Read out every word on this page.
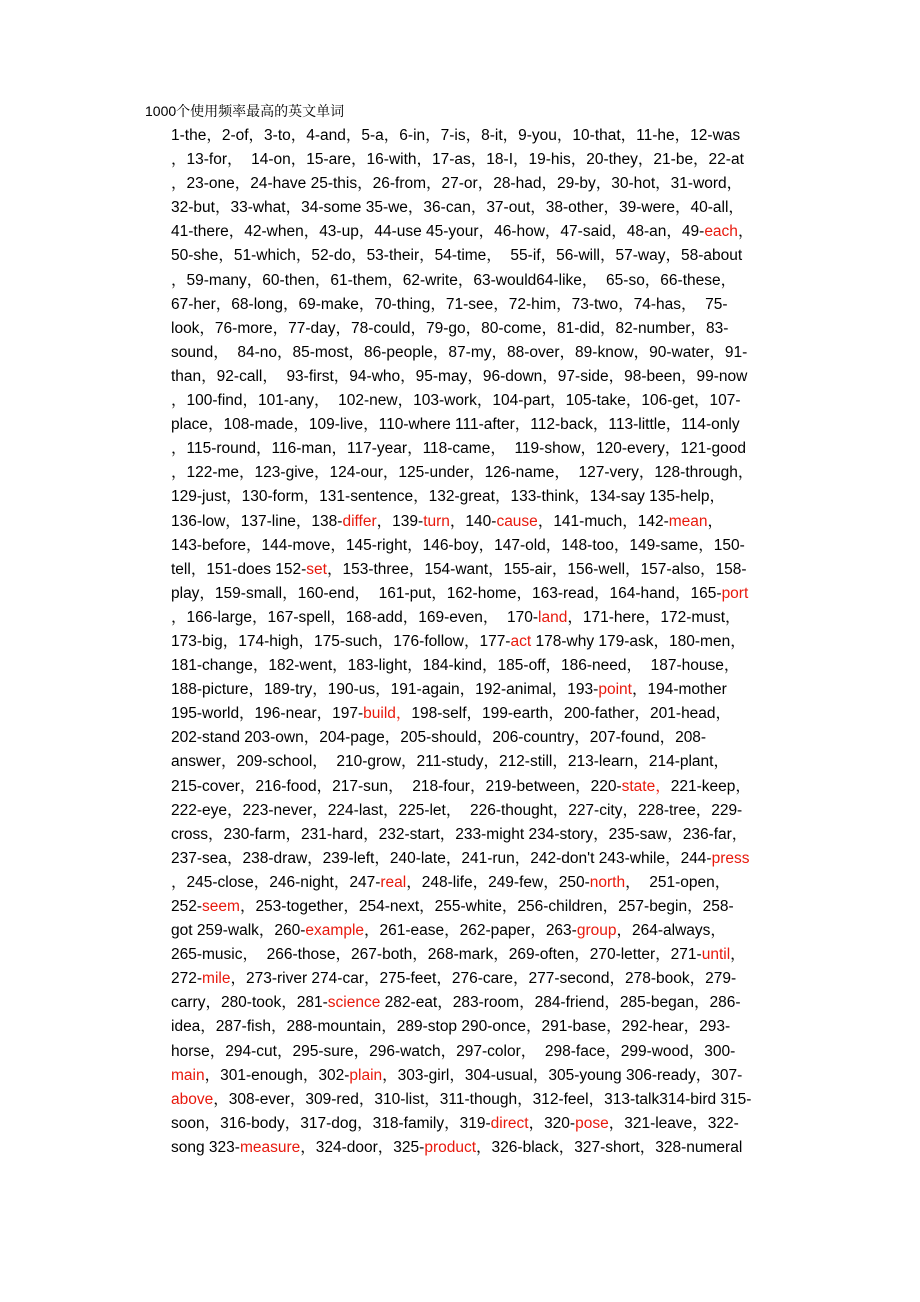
1000个使用频率最高的英文单词
1-the，2-of，3-to，4-and，5-a，6-in，7-is，8-it，9-you，10-that，11-he，12-was
，13-for，  14-on，15-are，16-with，17-as，18-I，19-his，20-they，21-be，22-at
，23-one，24-have 25-this，26-from，27-or，28-had，29-by，30-hot，31-word，
32-but，33-what，34-some 35-we，36-can，37-out，38-other，39-were，40-all，
41-there，42-when，43-up，44-use 45-your，46-how，47-said，48-an，49-each，
50-she，51-which，52-do，53-their，54-time，  55-if，56-will，57-way，58-about
，59-many，60-then，61-them，62-write，63-would64-like，  65-so，66-these，
67-her，68-long，69-make，70-thing，71-see，72-him，73-two，74-has，  75-
look，76-more，77-day，78-could，79-go，80-come，81-did，82-number，83-
sound，  84-no，85-most，86-people，87-my，88-over，89-know，90-water，91-
than，92-call，  93-first，94-who，95-may，96-down，97-side，98-been，99-now
，100-find，101-any，  102-new，103-work，104-part，105-take，106-get，107-
place，108-made，109-live，110-where 111-after，112-back，113-little，114-only
，115-round，116-man，117-year，118-came，  119-show，120-every，121-good
，122-me，123-give，124-our，125-under，126-name，  127-very，128-through，
129-just，130-form，131-sentence，132-great，133-think，134-say 135-help，
136-low，137-line，138-differ，139-turn，140-cause，141-much，142-mean，
143-before，144-move，145-right，146-boy，147-old，148-too，149-same，150-
tell，151-does 152-set，153-three，154-want，155-air，156-well，157-also，158-
play，159-small，160-end，  161-put，162-home，163-read，164-hand，165-port
，166-large，167-spell，168-add，169-even，  170-land，171-here，172-must，
173-big，174-high，175-such，176-follow，177-act 178-why 179-ask，180-men，
181-change，182-went，183-light，184-kind，185-off，186-need，  187-house，
188-picture，189-try，190-us，191-again，192-animal，193-point，194-mother
195-world，196-near，197-build，198-self，199-earth，200-father，201-head，
202-stand 203-own，204-page，205-should，206-country，207-found，208-
answer，209-school，  210-grow，211-study，212-still，213-learn，214-plant，
215-cover，216-food，217-sun，  218-four，219-between，220-state，221-keep，
222-eye，223-never，224-last，225-let，  226-thought，227-city，228-tree，229-
cross，230-farm，231-hard，232-start，233-might 234-story，235-saw，236-far，
237-sea，238-draw，239-left，240-late，241-run，242-don't 243-while，244-press
，245-close，246-night，247-real，248-life，249-few，250-north，  251-open，
252-seem，253-together，254-next，255-white，256-children，257-begin，258-
got 259-walk，260-example，261-ease，262-paper，263-group，264-always，
265-music，  266-those，267-both，268-mark，269-often，270-letter，271-until，
272-mile，273-river 274-car，275-feet，276-care，277-second，278-book，279-
carry，280-took，281-science 282-eat，283-room，284-friend，285-began，286-
idea，287-fish，288-mountain，289-stop 290-once，291-base，292-hear，293-
horse，294-cut，295-sure，296-watch，297-color，  298-face，299-wood，300-
main，301-enough，302-plain，303-girl，304-usual，305-young 306-ready，307-
above，308-ever，309-red，310-list，311-though，312-feel，313-talk314-bird 315-
soon，316-body，317-dog，318-family，319-direct，320-pose，321-leave，322-
song 323-measure，324-door，325-product，326-black，327-short，328-numeral
